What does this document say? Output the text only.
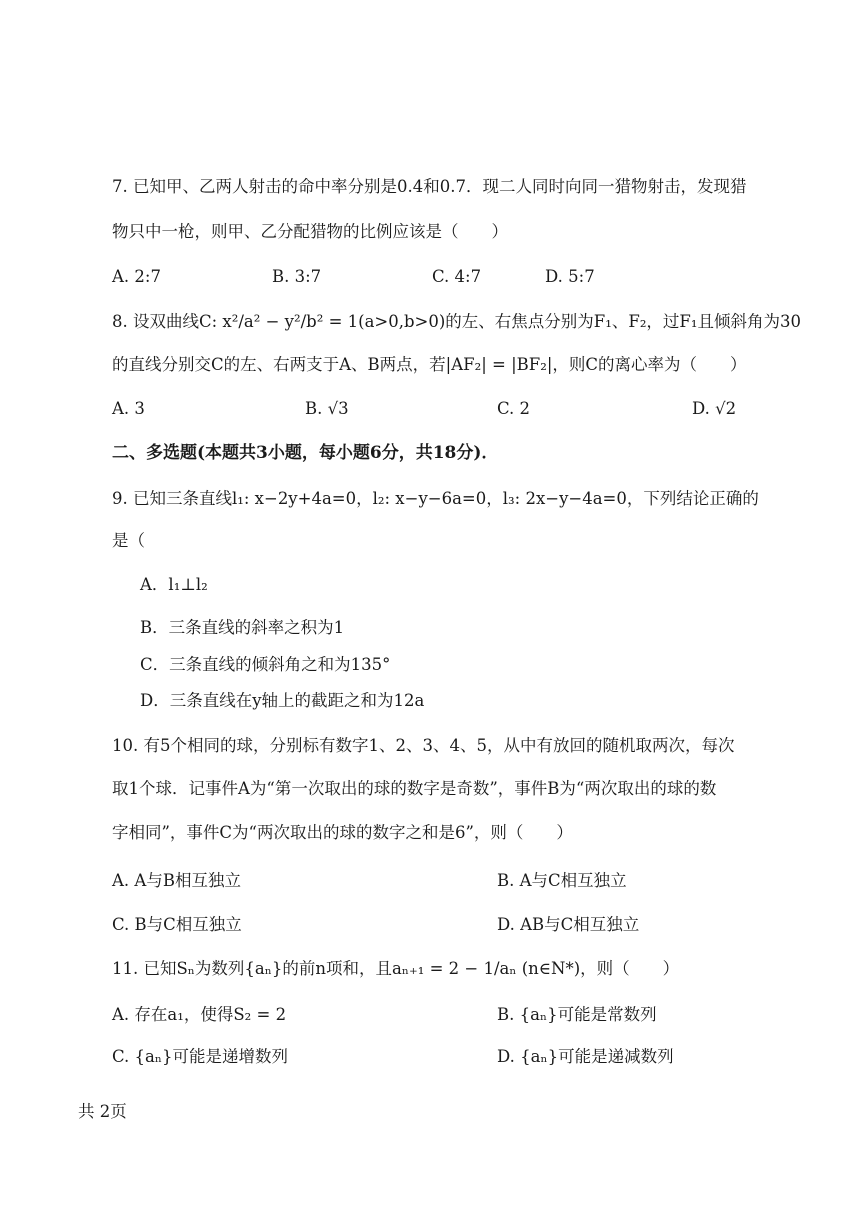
7. 已知甲、乙两人射击的命中率分别是0.4和0.7．现二人同时向同一猎物射击，发现猎
物只中一枪，则甲、乙分配猎物的比例应该是（　　）
A. 2:7	B. 3:7	C. 4:7	D. 5:7
8. 设双曲线C: x²/a² − y²/b² = 1(a>0,b>0)的左、右焦点分别为F₁、F₂，过F₁且倾斜角为30
的直线分别交C的左、右两支于A、B两点，若|AF₂| = |BF₂|，则C的离心率为（　　）
A. 3	B. √3	C. 2	D. √2
二、多选题(本题共3小题，每小题6分，共18分)．
9. 已知三条直线l₁: x−2y+4a=0，l₂: x−y−6a=0，l₃: 2x−y−4a=0，下列结论正确的
是（
A．l₁⊥l₂
B．三条直线的斜率之积为1
C．三条直线的倾斜角之和为135°
D．三条直线在y轴上的截距之和为12a
10. 有5个相同的球，分别标有数字1、2、3、4、5，从中有放回的随机取两次，每次
取1个球．记事件A为“第一次取出的球的数字是奇数”，事件B为“两次取出的球的数
字相同”，事件C为“两次取出的球的数字之和是6”，则（　　）
A. A与B相互独立	B. A与C相互独立
C. B与C相互独立	D. AB与C相互独立
11. 已知Sₙ为数列{aₙ}的前n项和，且aₙ₊₁ = 2 − 1/aₙ (n∈N*)，则（　　）
A. 存在a₁，使得S₂ = 2	B. {aₙ}可能是常数列
C. {aₙ}可能是递增数列	D. {aₙ}可能是递减数列
共 2页
